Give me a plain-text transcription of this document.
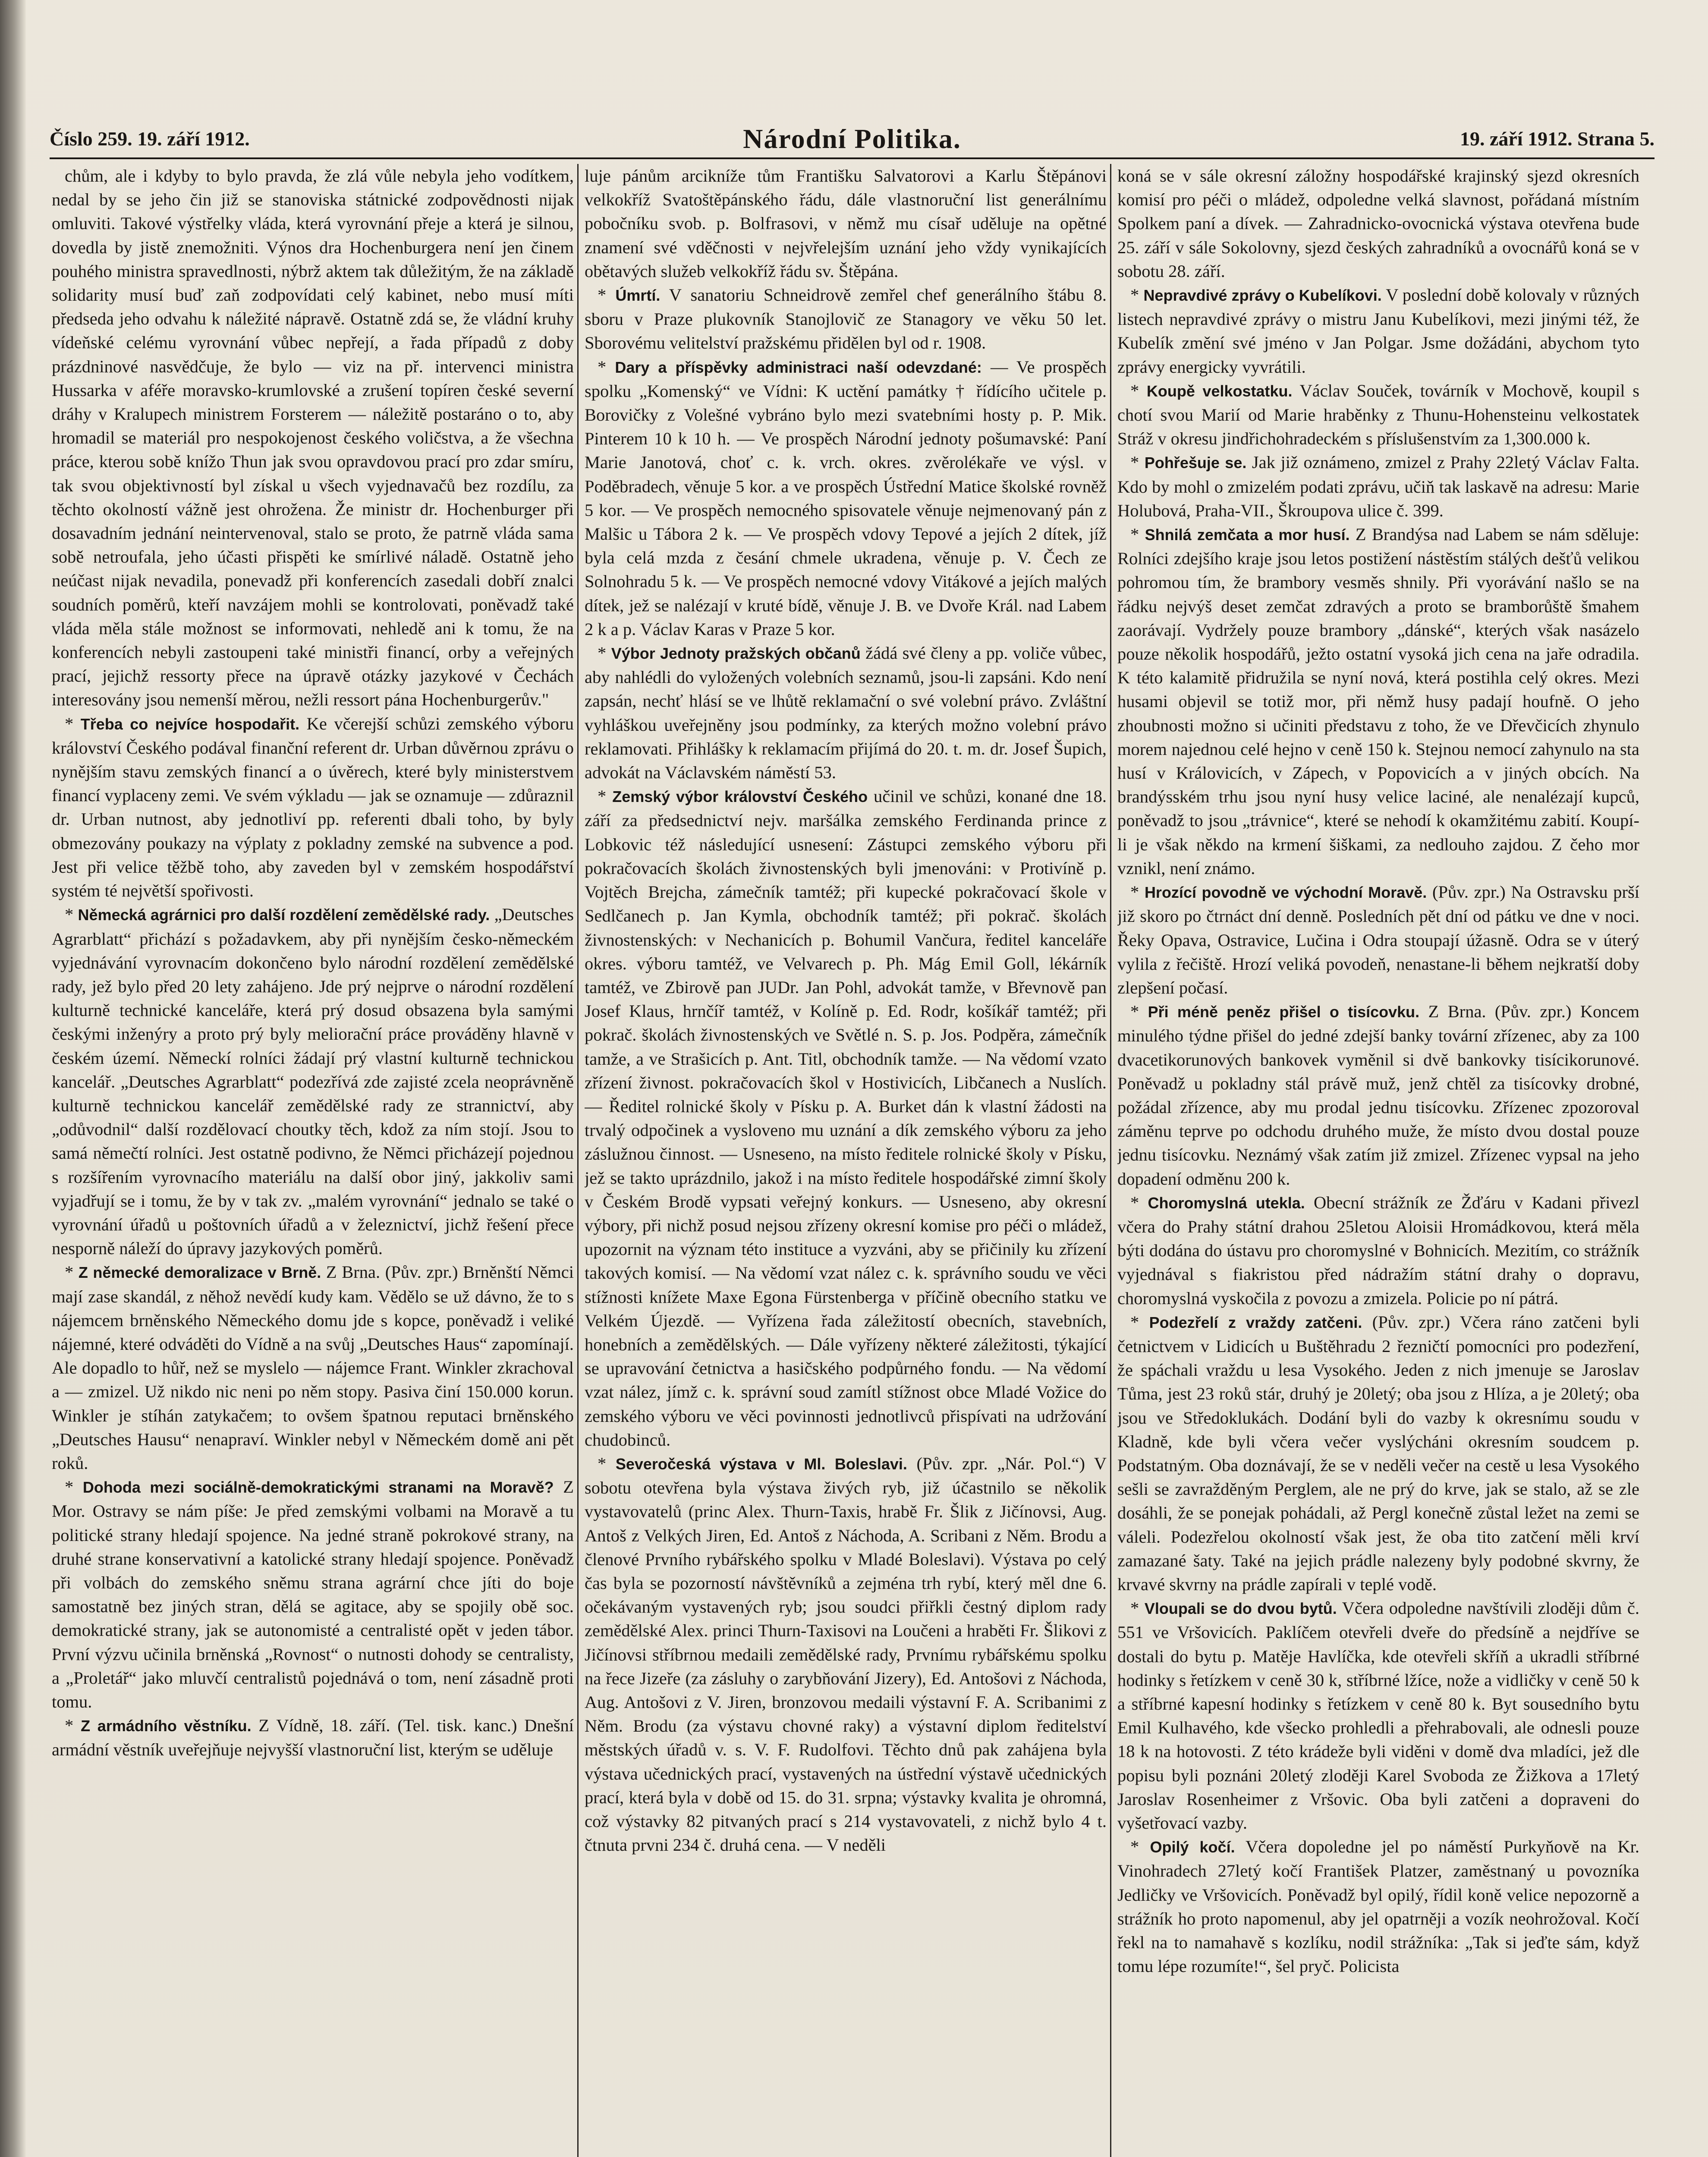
Číslo 259. 19. září 1912.	Národní Politika.	19. září 1912. Strana 5.

chům, ale i kdyby to bylo pravda, že zlá vůle nebyla jeho vodítkem, nedal by se jeho čin již se stanoviska státnické zodpovědnosti nijak omluviti. Takové výstřelky vláda, která vyrovnání přeje a která je silnou, dovedla by jistě znemožniti. Výnos dra Hochenburgera není jen činem pouhého ministra spravedlnosti, nýbrž aktem tak důležitým, že na základě solidarity musí buď zaň zodpovídati celý kabinet, nebo musí míti předseda jeho odvahu k náležité nápravě. Ostatně zdá se, že vládní kruhy vídeňské celému vyrovnání vůbec nepřejí, a řada případů z doby prázdninové nasvědčuje, že bylo — viz na př. intervenci ministra Hussarka v aféře moravsko-krumlovské a zrušení topíren české severní dráhy v Kralupech ministrem Forsterem — náležitě postaráno o to, aby hromadil se materiál pro nespokojenost českého voličstva, a že všechna práce, kterou sobě knížo Thun jak svou opravdovou prací pro zdar smíru, tak svou objektivností byl získal u všech vyjednavačů bez rozdílu, za těchto okolností vážně jest ohrožena. Že ministr dr. Hochenburger při dosavadním jednání neintervenoval, stalo se proto, že patrně vláda sama sobě netroufala, jeho účasti přispěti ke smírlivé náladě. Ostatně jeho neúčast nijak nevadila, ponevadž při konferencích zasedali dobří znalci soudních poměrů, kteří navzájem mohli se kontrolovati, poněvadž také vláda měla stále možnost se informovati, nehledě ani k tomu, že na konferencích nebyli zastoupeni také ministři financí, orby a veřejných prací, jejichž ressorty přece na úpravě otázky jazykové v Čechách interesovány jsou nemenší měrou, nežli ressort pána Hochenburgerův."

* Třeba co nejvíce hospodařit. Ke včerejší schůzi zemského výboru království Českého podával finanční referent dr. Urban důvěrnou zprávu o nynějším stavu zemských financí a o úvěrech, které byly ministerstvem financí vyplaceny zemi. Ve svém výkladu — jak se oznamuje — zdůraznil dr. Urban nutnost, aby jednotliví pp. referenti dbali toho, by byly obmezovány poukazy na výplaty z pokladny zemské na subvence a pod. Jest při velice těžbě toho, aby zaveden byl v zemském hospodářství systém té největší spořivosti.

* Německá agrárnici pro další rozdělení zemědělské rady. „Deutsches Agrarblatt“ přichází s požadavkem, aby při nynějším česko-německém vyjednávání vyrovnacím dokončeno bylo národní rozdělení zemědělské rady, jež bylo před 20 lety zahájeno. Jde prý nejprve o národní rozdělení kulturně technické kanceláře, která prý dosud obsazena byla samými českými inženýry a proto prý byly meliorační práce prováděny hlavně v českém území. Německí rolníci žádají prý vlastní kulturně technickou kancelář. „Deutsches Agrarblatt“ podezřívá zde zajisté zcela neoprávněně kulturně technickou kancelář zemědělské rady ze strannictví, aby „odůvodnil“ další rozdělovací choutky těch, kdož za ním stojí. Jsou to samá němečtí rolníci. Jest ostatně podivno, že Němci přicházejí pojednou s rozšířením vyrovnacího materiálu na další obor jiný, jakkoliv sami vyjadřují se i tomu, že by v tak zv. „malém vyrovnání“ jednalo se také o vyrovnání úřadů u poštovních úřadů a v železnictví, jichž řešení přece nesporně náleží do úpravy jazykových poměrů.

* Z německé demoralizace v Brně. Z Brna. (Pův. zpr.) Brněnští Němci mají zase skandál, z něhož nevědí kudy kam. Vědělo se už dávno, že to s nájemcem brněnského Německého domu jde s kopce, poněvadž i veliké nájemné, které odváděti do Vídně a na svůj „Deutsches Haus“ zapomínají. Ale dopadlo to hůř, než se myslelo — nájemce Frant. Winkler zkrachoval a — zmizel. Už nikdo nic neni po něm stopy. Pasiva činí 150.000 korun. Winkler je stíhán zatykačem; to ovšem špatnou reputaci brněnského „Deutsches Hausu“ nenapraví. Winkler nebyl v Německém domě ani pět roků.

* Dohoda mezi sociálně-demokratickými stranami na Moravě? Z Mor. Ostravy se nám píše: Je před zemskými volbami na Moravě a tu politické strany hledají spojence. Na jedné straně pokrokové strany, na druhé strane konservativní a katolické strany hledají spojence. Poněvadž při volbách do zemského sněmu strana agrární chce jíti do boje samostatně bez jiných stran, dělá se agitace, aby se spojily obě soc. demokratické strany, jak se autonomisté a centralisté opět v jeden tábor. První výzvu učinila brněnská „Rovnost“ o nutnosti dohody se centralisty, a „Proletář“ jako mluvčí centralistů pojednává o tom, není zásadně proti tomu.

* Z armádního věstníku. Z Vídně, 18. září. (Tel. tisk. kanc.) Dnešní armádní věstník uveřejňuje nejvyšší vlastnoruční list, kterým se uděluje

luje pánům arcikníže tům Františku Salvatorovi a Karlu Štěpánovi velkokříž Svatoštěpánského řádu, dále vlastnoruční list generálnímu pobočníku svob. p. Bolfrasovi, v němž mu císař uděluje na opětné znamení své vděčnosti v nejvřelejším uznání jeho vždy vynikajících obětavých služeb velkokříž řádu sv. Štěpána.

* Úmrtí. V sanatoriu Schneidrově zemřel chef generálního štábu 8. sboru v Praze plukovník Stanojlovič ze Stanagory ve věku 50 let. Sborovému velitelství pražskému přidělen byl od r. 1908.

* Dary a příspěvky administraci naší odevzdané: — Ve prospěch spolku „Komenský“ ve Vídni: K uctění památky † řídícího učitele p. Borovičky z Volešné vybráno bylo mezi svatebními hosty p. P. Mik. Pinterem 10 k 10 h. — Ve prospěch Národní jednoty pošumavské: Paní Marie Janotová, choť c. k. vrch. okres. zvěrolékaře ve výsl. v Poděbradech, věnuje 5 kor. a ve prospěch Ústřední Matice školské rovněž 5 kor. — Ve prospěch nemocného spisovatele věnuje nejmenovaný pán z Malšic u Tábora 2 k. — Ve prospěch vdovy Tepové a jejích 2 dítek, jíž byla celá mzda z česání chmele ukradena, věnuje p. V. Čech ze Solnohradu 5 k. — Ve prospěch nemocné vdovy Vitákové a jejích malých dítek, jež se nalézají v kruté bídě, věnuje J. B. ve Dvoře Král. nad Labem 2 k a p. Václav Karas v Praze 5 kor.

* Výbor Jednoty pražských občanů žádá své členy a pp. voliče vůbec, aby nahlédli do vyložených volebních seznamů, jsou-li zapsáni. Kdo není zapsán, nechť hlásí se ve lhůtě reklamační o své volební právo. Zvláštní vyhláškou uveřejněny jsou podmínky, za kterých možno volební právo reklamovati. Přihlášky k reklamacím přijímá do 20. t. m. dr. Josef Šupich, advokát na Václavském náměstí 53.

* Zemský výbor království Českého učinil ve schůzi, konané dne 18. září za předsednictví nejv. maršálka zemského Ferdinanda prince z Lobkovic též následující usnesení: Zástupci zemského výboru při pokračovacích školách živnostenských byli jmenováni: v Protivíně p. Vojtěch Brejcha, zámečník tamtéž; při kupecké pokračovací škole v Sedlčanech p. Jan Kymla, obchodník tamtéž; při pokrač. školách živnostenských: v Nechanicích p. Bohumil Vančura, ředitel kanceláře okres. výboru tamtéž, ve Velvarech p. Ph. Mág Emil Goll, lékárník tamtéž, ve Zbirově pan JUDr. Jan Pohl, advokát tamže, v Břevnově pan Josef Klaus, hrnčíř tamtéž, v Kolíně p. Ed. Rodr, košíkář tamtéž; při pokrač. školách živnostenských ve Světlé n. S. p. Jos. Podpěra, zámečník tamže, a ve Strašicích p. Ant. Titl, obchodník tamže. — Na vědomí vzato zřízení živnost. pokračovacích škol v Hostivicích, Libčanech a Nuslích. — Ředitel rolnické školy v Písku p. A. Burket dán k vlastní žádosti na trvalý odpočinek a vysloveno mu uznání a dík zemského výboru za jeho záslužnou činnost. — Usneseno, na místo ředitele rolnické školy v Písku, jež se takto uprázdnilo, jakož i na místo ředitele hospodářské zimní školy v Českém Brodě vypsati veřejný konkurs. — Usneseno, aby okresní výbory, při nichž posud nejsou zřízeny okresní komise pro péči o mládež, upozornit na význam této instituce a vyzváni, aby se přičinily ku zřízení takových komisí. — Na vědomí vzat nález c. k. správního soudu ve věci stížnosti knížete Maxe Egona Fürstenberga v příčině obecního statku ve Velkém Újezdě. — Vyřízena řada záležitostí obecních, stavebních, honebních a zemědělských. — Dále vyřízeny některé záležitosti, týkající se upravování četnictva a hasičského podpůrného fondu. — Na vědomí vzat nález, jímž c. k. správní soud zamítl stížnost obce Mladé Vožice do zemského výboru ve věci povinnosti jednotlivců přispívati na udržování chudobinců.

* Severočeská výstava v Ml. Boleslavi. (Pův. zpr. „Nár. Pol.“) V sobotu otevřena byla výstava živých ryb, již účastnilo se několik vystavovatelů (princ Alex. Thurn-Taxis, hrabě Fr. Šlik z Jičínovsi, Aug. Antoš z Velkých Jiren, Ed. Antoš z Náchoda, A. Scribani z Něm. Brodu a členové Prvního rybářského spolku v Mladé Boleslavi). Výstava po celý čas byla se pozorností návštěvníků a zejména trh rybí, který měl dne 6. očekávaným vystavených ryb; jsou soudci přiřkli čestný diplom rady zemědělské Alex. princi Thurn-Taxisovi na Loučeni a hraběti Fr. Šlikovi z Jičínovsi stříbrnou medaili zemědělské rady, Prvnímu rybářskému spolku na řece Jizeře (za zásluhy o zarybňování Jizery), Ed. Antošovi z Náchoda, Aug. Antošovi z V. Jiren, bronzovou medaili výstavní F. A. Scribanimi z Něm. Brodu (za výstavu chovné raky) a výstavní diplom ředitelství městských úřadů v. s. V. F. Rudolfovi. Těchto dnů pak zahájena byla výstava učednických prací, vystavených na ústřední výstavě učednických prací, která byla v době od 15. do 31. srpna; výstavky kvalita je ohromná, což výstavky 82 pitvaných prací s 214 vystavovateli, z nichž bylo 4 t. čtnuta prvni 234 č. druhá cena. — V neděli

koná se v sále okresní záložny hospodářské krajinský sjezd okresních komisí pro péči o mládež, odpoledne velká slavnost, pořádaná místním Spolkem paní a dívek. — Zahradnicko-ovocnická výstava otevřena bude 25. září v sále Sokolovny, sjezd českých zahradníků a ovocnářů koná se v sobotu 28. září.

* Nepravdivé zprávy o Kubelíkovi. V poslední době kolovaly v různých listech nepravdivé zprávy o mistru Janu Kubelíkovi, mezi jinými též, že Kubelík změní své jméno v Jan Polgar. Jsme dožádáni, abychom tyto zprávy energicky vyvrátili.

* Koupě velkostatku. Václav Souček, továrník v Mochově, koupil s chotí svou Marií od Marie hraběnky z Thunu-Hohensteinu velkostatek Stráž v okresu jindřichohradeckém s příslušenstvím za 1,300.000 k.

* Pohřešuje se. Jak již oznámeno, zmizel z Prahy 22letý Václav Falta. Kdo by mohl o zmizelém podati zprávu, učiň tak laskavě na adresu: Marie Holubová, Praha-VII., Škroupova ulice č. 399.

* Shnilá zemčata a mor husí. Z Brandýsa nad Labem se nám sděluje: Rolníci zdejšího kraje jsou letos postižení nástěstím stálých dešťů velikou pohromou tím, že brambory vesměs shnily. Při vyorávání našlo se na řádku nejvýš deset zemčat zdravých a proto se bramborůště šmahem zaorávají. Vydržely pouze brambory „dánské“, kterých však nasázelo pouze několik hospodářů, ježto ostatní vysoká jich cena na jaře odradila. K této kalamitě přidružila se nyní nová, která postihla celý okres. Mezi husami objevil se totiž mor, při němž husy padají houfně. O jeho zhoubnosti možno si učiniti představu z toho, že ve Dřevčicích zhynulo morem najednou celé hejno v ceně 150 k. Stejnou nemocí zahynulo na sta husí v Královicích, v Zápech, v Popovicích a v jiných obcích. Na brandýsském trhu jsou nyní husy velice laciné, ale nenalézají kupců, poněvadž to jsou „trávnice“, které se nehodí k okamžitému zabití. Koupí-li je však někdo na krmení šiškami, za nedlouho zajdou. Z čeho mor vznikl, není známo.

* Hrozící povodně ve východní Moravě. (Pův. zpr.) Na Ostravsku prší již skoro po čtrnáct dní denně. Posledních pět dní od pátku ve dne v noci. Řeky Opava, Ostravice, Lučina i Odra stoupají úžasně. Odra se v úterý vylila z řečiště. Hrozí veliká povodeň, nenastane-li během nejkratší doby zlepšení počasí.

* Při méně peněz přišel o tisícovku. Z Brna. (Pův. zpr.) Koncem minulého týdne přišel do jedné zdejší banky tovární zřízenec, aby za 100 dvacetikorunových bankovek vyměnil si dvě bankovky tisícikorunové. Poněvadž u pokladny stál právě muž, jenž chtěl za tisícovky drobné, požádal zřízence, aby mu prodal jednu tisícovku. Zřízenec zpozoroval záměnu teprve po odchodu druhého muže, že místo dvou dostal pouze jednu tisícovku. Neznámý však zatím již zmizel. Zřízenec vypsal na jeho dopadení odměnu 200 k.

* Choromyslná utekla. Obecní strážník ze Žďáru v Kadani přivezl včera do Prahy státní drahou 25letou Aloisii Hromádkovou, která měla býti dodána do ústavu pro choromyslné v Bohnicích. Mezitím, co strážník vyjednával s fiakristou před nádražím státní drahy o dopravu, choromyslná vyskočila z povozu a zmizela. Policie po ní pátrá.

* Podezřelí z vraždy zatčeni. (Pův. zpr.) Včera ráno zatčeni byli četnictvem v Lidicích u Buštěhradu 2 řezničtí pomocníci pro podezření, že spáchali vraždu u lesa Vysokého. Jeden z nich jmenuje se Jaroslav Tůma, jest 23 roků stár, druhý je 20letý; oba jsou z Hlíza, a je 20letý; oba jsou ve Středoklukách. Dodání byli do vazby k okresnímu soudu v Kladně, kde byli včera večer vyslýcháni okresním soudcem p. Podstatným. Oba doznávají, že se v neděli večer na cestě u lesa Vysokého sešli se zavražděným Perglem, ale ne prý do krve, jak se stalo, až se zle dosáhli, že se ponejak pohádali, až Pergl konečně zůstal ležet na zemi se váleli. Podezřelou okolností však jest, že oba tito zatčení měli krví zamazané šaty. Také na jejich prádle nalezeny byly podobné skvrny, že krvavé skvrny na prádle zapírali v teplé vodě.

* Vloupali se do dvou bytů. Včera odpoledne navštívili zloději dům č. 551 ve Vršovicích. Paklíčem otevřeli dveře do předsíně a nejdříve se dostali do bytu p. Matěje Havlíčka, kde otevřeli skříň a ukradli stříbrné hodinky s řetízkem v ceně 30 k, stříbrné lžíce, nože a vidličky v ceně 50 k a stříbrné kapesní hodinky s řetízkem v ceně 80 k. Byt sousedního bytu Emil Kulhavého, kde všecko prohledli a přehrabovali, ale odnesli pouze 18 k na hotovosti. Z této krádeže byli viděni v domě dva mladíci, jež dle popisu byli poznáni 20letý zloději Karel Svoboda ze Žižkova a 17letý Jaroslav Rosenheimer z Vršovic. Oba byli zatčeni a dopraveni do vyšetřovací vazby.

* Opilý kočí. Včera dopoledne jel po náměstí Purkyňově na Kr. Vinohradech 27letý kočí František Platzer, zaměstnaný u povozníka Jedličky ve Vršovicích. Poněvadž byl opilý, řídil koně velice nepozorně a strážník ho proto napomenul, aby jel opatrněji a vozík neohrožoval. Kočí řekl na to namahavě s kozlíku, nodil strážníka: „Tak si jeďte sám, když tomu lépe rozumíte!“, šel pryč. Policista
